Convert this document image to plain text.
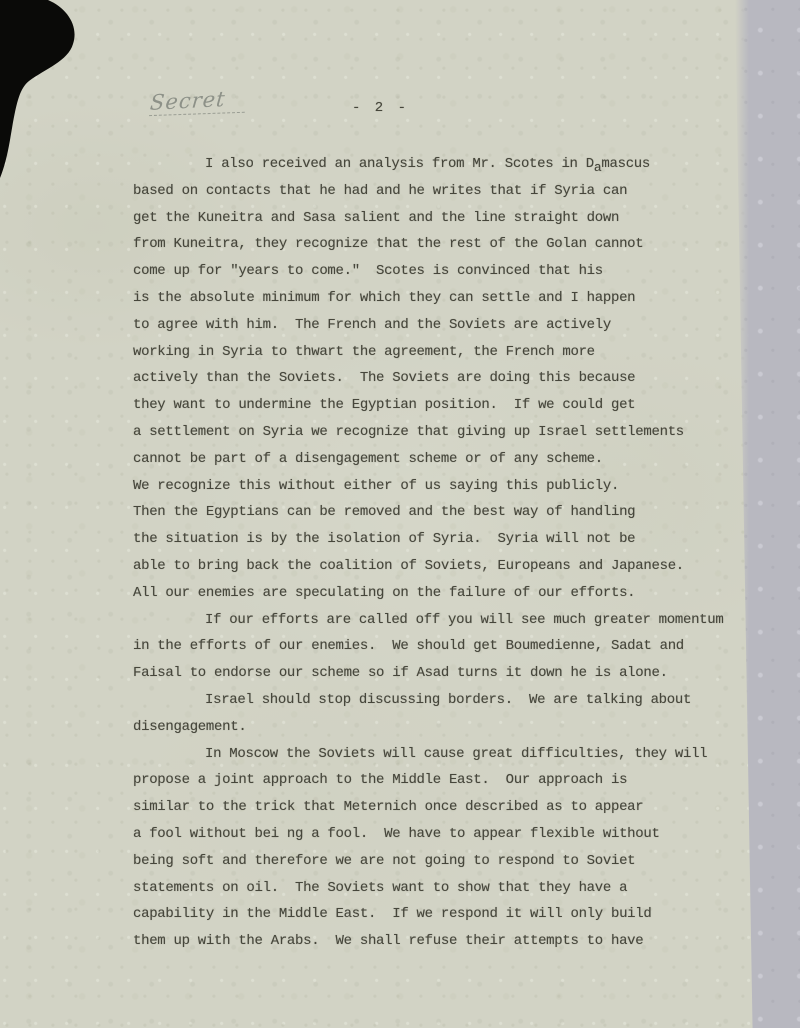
Secret	- 2 -
I also received an analysis from Mr. Scotes in Damascus
based on contacts that he had and he writes that if Syria can
get the Kuneitra and Sasa salient and the line straight down
from Kuneitra, they recognize that the rest of the Golan cannot
come up for "years to come."  Scotes is convinced that his
is the absolute minimum for which they can settle and I happen
to agree with him.  The French and the Soviets are actively
working in Syria to thwart the agreement, the French more
actively than the Soviets.  The Soviets are doing this because
they want to undermine the Egyptian position.  If we could get
a settlement on Syria we recognize that giving up Israel settlements
cannot be part of a disengagement scheme or of any scheme.
We recognize this without either of us saying this publicly.
Then the Egyptians can be removed and the best way of handling
the situation is by the isolation of Syria.  Syria will not be
able to bring back the coalition of Soviets, Europeans and Japanese.
All our enemies are speculating on the failure of our efforts.
If our efforts are called off you will see much greater momentum
in the efforts of our enemies.  We should get Boumedienne, Sadat and
Faisal to endorse our scheme so if Asad turns it down he is alone.
Israel should stop discussing borders.  We are talking about
disengagement.
In Moscow the Soviets will cause great difficulties, they will
propose a joint approach to the Middle East.  Our approach is
similar to the trick that Meternich once described as to appear
a fool without bei ng a fool.  We have to appear flexible without
being soft and therefore we are not going to respond to Soviet
statements on oil.  The Soviets want to show that they have a
capability in the Middle East.  If we respond it will only build
them up with the Arabs.  We shall refuse their attempts to have
